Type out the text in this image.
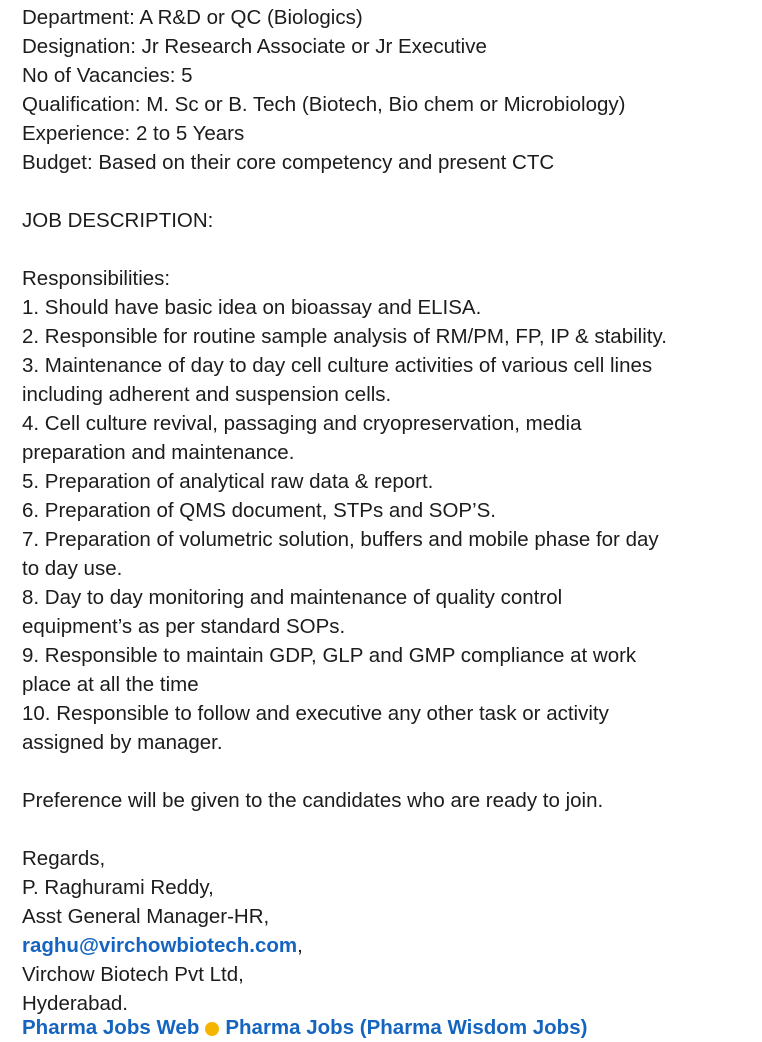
Department: A R&D or QC (Biologics)
Designation: Jr Research Associate or Jr Executive
No of Vacancies: 5
Qualification: M. Sc or B. Tech (Biotech, Bio chem or Microbiology)
Experience: 2 to 5 Years
Budget: Based on their core competency and present CTC
JOB DESCRIPTION:
Responsibilities:
1. Should have basic idea on bioassay and ELISA.
2. Responsible for routine sample analysis of RM/PM, FP, IP & stability.
3. Maintenance of day to day cell culture activities of various cell lines
including adherent and suspension cells.
4. Cell culture revival, passaging and cryopreservation, media
preparation and maintenance.
5. Preparation of analytical raw data & report.
6. Preparation of QMS document, STPs and SOP’S.
7. Preparation of volumetric solution, buffers and mobile phase for day
to day use.
8. Day to day monitoring and maintenance of quality control
equipment’s as per standard SOPs.
9. Responsible to maintain GDP, GLP and GMP compliance at work
place at all the time
10. Responsible to follow and executive any other task or activity
assigned by manager.
Preference will be given to the candidates who are ready to join.
Regards,
P. Raghurami Reddy,
Asst General Manager-HR,
raghu@virchowbiotech.com,
Virchow Biotech Pvt Ltd,
Hyderabad.
Pharma Jobs Web Pharma Jobs (Pharma Wisdom Jobs)
